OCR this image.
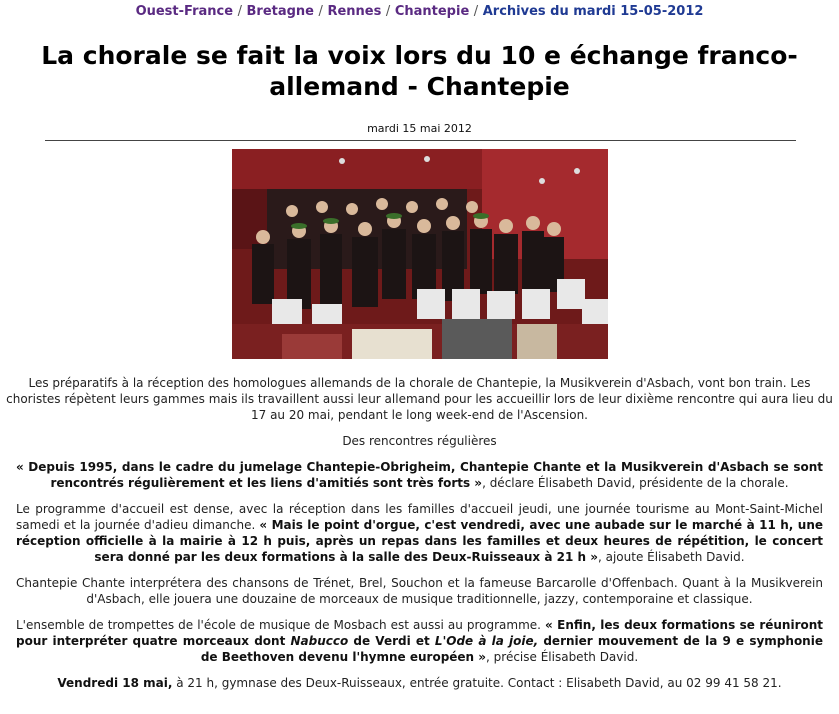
Ouest-France / Bretagne / Rennes / Chantepie / Archives du mardi 15-05-2012
La chorale se fait la voix lors du 10 e échange franco-allemand - Chantepie
mardi 15 mai 2012

Les préparatifs à la réception des homologues allemands de la chorale de Chantepie, la Musikverein d'Asbach, vont bon train. Les choristes répètent leurs gammes mais ils travaillent aussi leur allemand pour les accueillir lors de leur dixième rencontre qui aura lieu du 17 au 20 mai, pendant le long week-end de l'Ascension.

Des rencontres régulières

« Depuis 1995, dans le cadre du jumelage Chantepie-Obrigheim, Chantepie Chante et la Musikverein d'Asbach se sont rencontrés régulièrement et les liens d'amitiés sont très forts », déclare Élisabeth David, présidente de la chorale.

Le programme d'accueil est dense, avec la réception dans les familles d'accueil jeudi, une journée tourisme au Mont-Saint-Michel samedi et la journée d'adieu dimanche. « Mais le point d'orgue, c'est vendredi, avec une aubade sur le marché à 11 h, une réception officielle à la mairie à 12 h puis, après un repas dans les familles et deux heures de répétition, le concert sera donné par les deux formations à la salle des Deux-Ruisseaux à 21 h », ajoute Élisabeth David.

Chantepie Chante interprétera des chansons de Trénet, Brel, Souchon et la fameuse Barcarolle d'Offenbach. Quant à la Musikverein d'Asbach, elle jouera une douzaine de morceaux de musique traditionnelle, jazzy, contemporaine et classique.

L'ensemble de trompettes de l'école de musique de Mosbach est aussi au programme. « Enfin, les deux formations se réuniront pour interpréter quatre morceaux dont Nabucco de Verdi et L'Ode à la joie, dernier mouvement de la 9 e symphonie de Beethoven devenu l'hymne européen », précise Élisabeth David.

Vendredi 18 mai, à 21 h, gymnase des Deux-Ruisseaux, entrée gratuite. Contact : Elisabeth David, au 02 99 41 58 21.
